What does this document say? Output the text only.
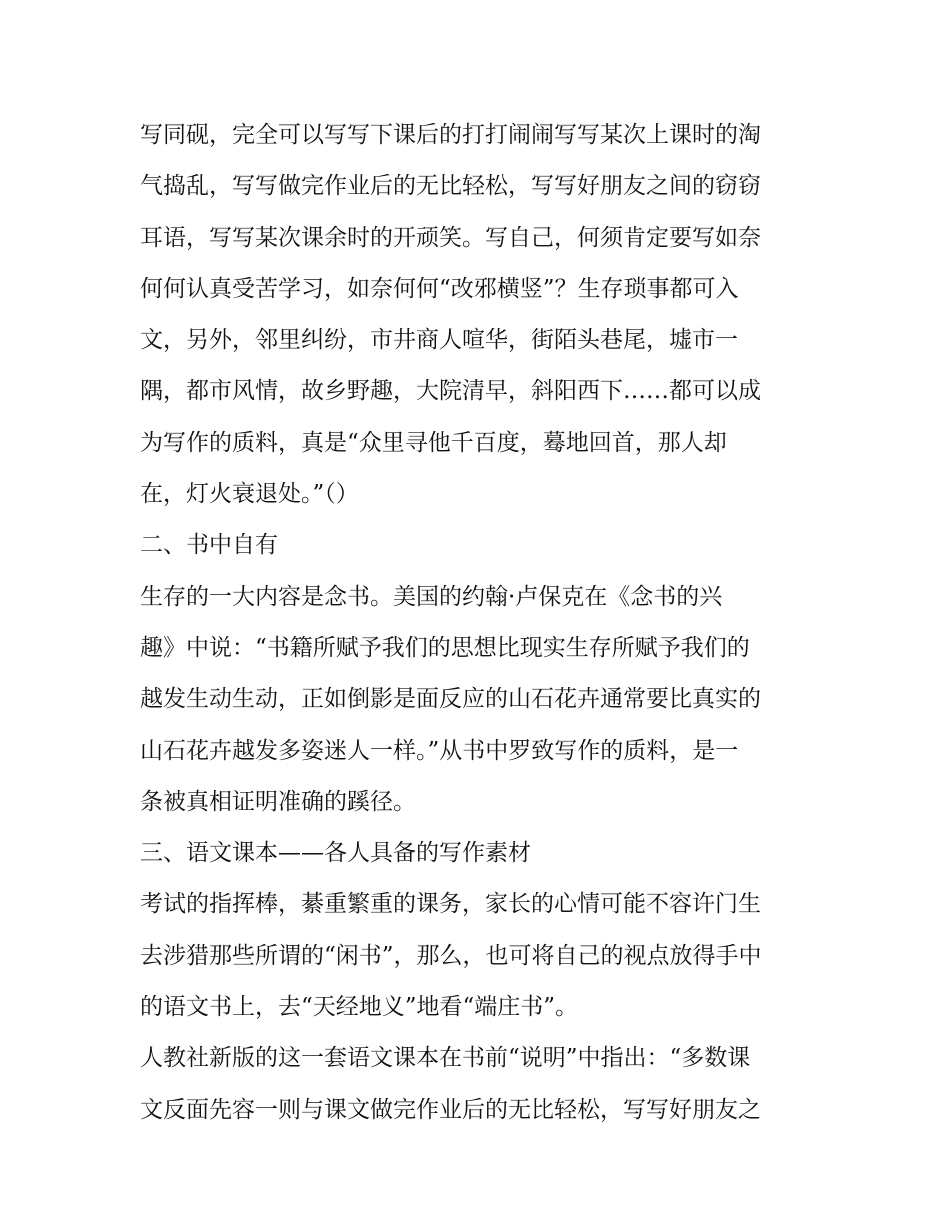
写同砚，完全可以写写下课后的打打闹闹写写某次上课时的淘
气捣乱，写写做完作业后的无比轻松，写写好朋友之间的窃窃
耳语，写写某次课余时的开顽笑。写自己，何须肯定要写如奈
何何认真受苦学习，如奈何何“改邪横竖”？生存琐事都可入
文，另外，邻里纠纷，市井商人喧华，街陌头巷尾，墟市一
隅，都市风情，故乡野趣，大院清早，斜阳西下……都可以成
为写作的质料，真是“众里寻他千百度，蓦地回首，那人却
在，灯火衰退处。”（）
二、书中自有
生存的一大内容是念书。美国的约翰·卢保克在《念书的兴
趣》中说：“书籍所赋予我们的思想比现实生存所赋予我们的
越发生动生动，正如倒影是面反应的山石花卉通常要比真实的
山石花卉越发多姿迷人一样。”从书中罗致写作的质料，是一
条被真相证明准确的蹊径。
三、语文课本——各人具备的写作素材
考试的指挥棒，綦重繁重的课务，家长的心情可能不容许门生
去涉猎那些所谓的“闲书”，那么，也可将自己的视点放得手中
的语文书上，去“天经地义”地看“端庄书”。
人教社新版的这一套语文课本在书前“说明”中指出：“多数课
文反面先容一则与课文做完作业后的无比轻松，写写好朋友之
